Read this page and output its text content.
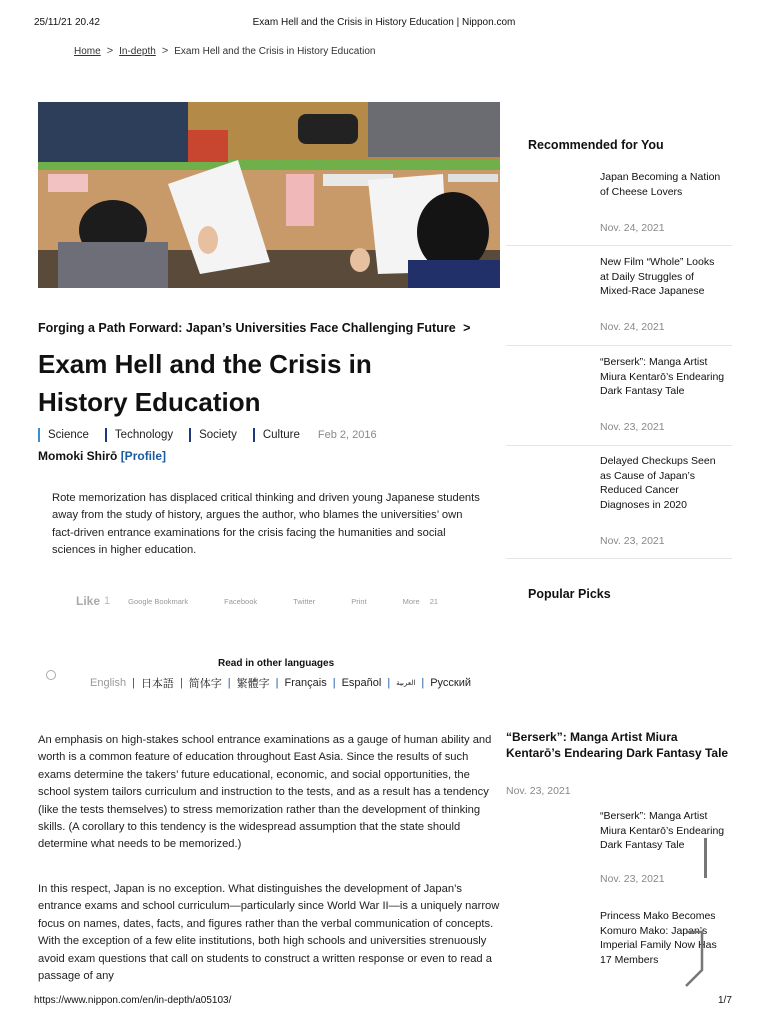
25/11/21 20.42	Exam Hell and the Crisis in History Education | Nippon.com
Home > In-depth > Exam Hell and the Crisis in History Education
Forging a Path Forward: Japan’s Universities Face Challenging Future >
Exam Hell and the Crisis in History Education
Science Technology Society Culture Feb 2, 2016
Momoki Shirō [Profile]

Rote memorization has displaced critical thinking and driven young Japanese students away from the study of history, argues the author, who blames the universities’ own fact-driven entrance examinations for the crisis facing the humanities and social sciences in higher education.

Like 1 Google Bookmark	Facebook	Twitter	Print	More 21
Read in other languages
English | 日本語 | 简体字 | 繁體字 | Français | Español | العربية | Русский

An emphasis on high-stakes school entrance examinations as a gauge of human ability and worth is a common feature of education throughout East Asia. Since the results of such exams determine the takers’ future educational, economic, and social opportunities, the school system tailors curriculum and instruction to the tests, and as a result has a tendency (like the tests themselves) to stress memorization rather than the development of thinking skills. (A corollary to this tendency is the widespread assumption that the state should determine what needs to be memorized.)

In this respect, Japan is no exception. What distinguishes the development of Japan’s entrance exams and school curriculum—particularly since World War II—is a uniquely narrow focus on names, dates, facts, and figures rather than the verbal communication of concepts. With the exception of a few elite institutions, both high schools and universities strenuously avoid exam questions that call on students to construct a written response or even to read a passage of any

Recommended for You
Japan Becoming a Nation of Cheese Lovers
Nov. 24, 2021
New Film “Whole” Looks at Daily Struggles of Mixed-Race Japanese
Nov. 24, 2021
“Berserk”: Manga Artist Miura Kentarō’s Endearing Dark Fantasy Tale
Nov. 23, 2021
Delayed Checkups Seen as Cause of Japan’s Reduced Cancer Diagnoses in 2020
Nov. 23, 2021
Popular Picks
“Berserk”: Manga Artist Miura Kentarō’s Endearing Dark Fantasy Tale
Nov. 23, 2021
“Berserk”: Manga Artist Miura Kentarō’s Endearing Dark Fantasy Tale
Nov. 23, 2021
Princess Mako Becomes Komuro Mako: Japan’s Imperial Family Now Has 17 Members
https://www.nippon.com/en/in-depth/a05103/	1/7
